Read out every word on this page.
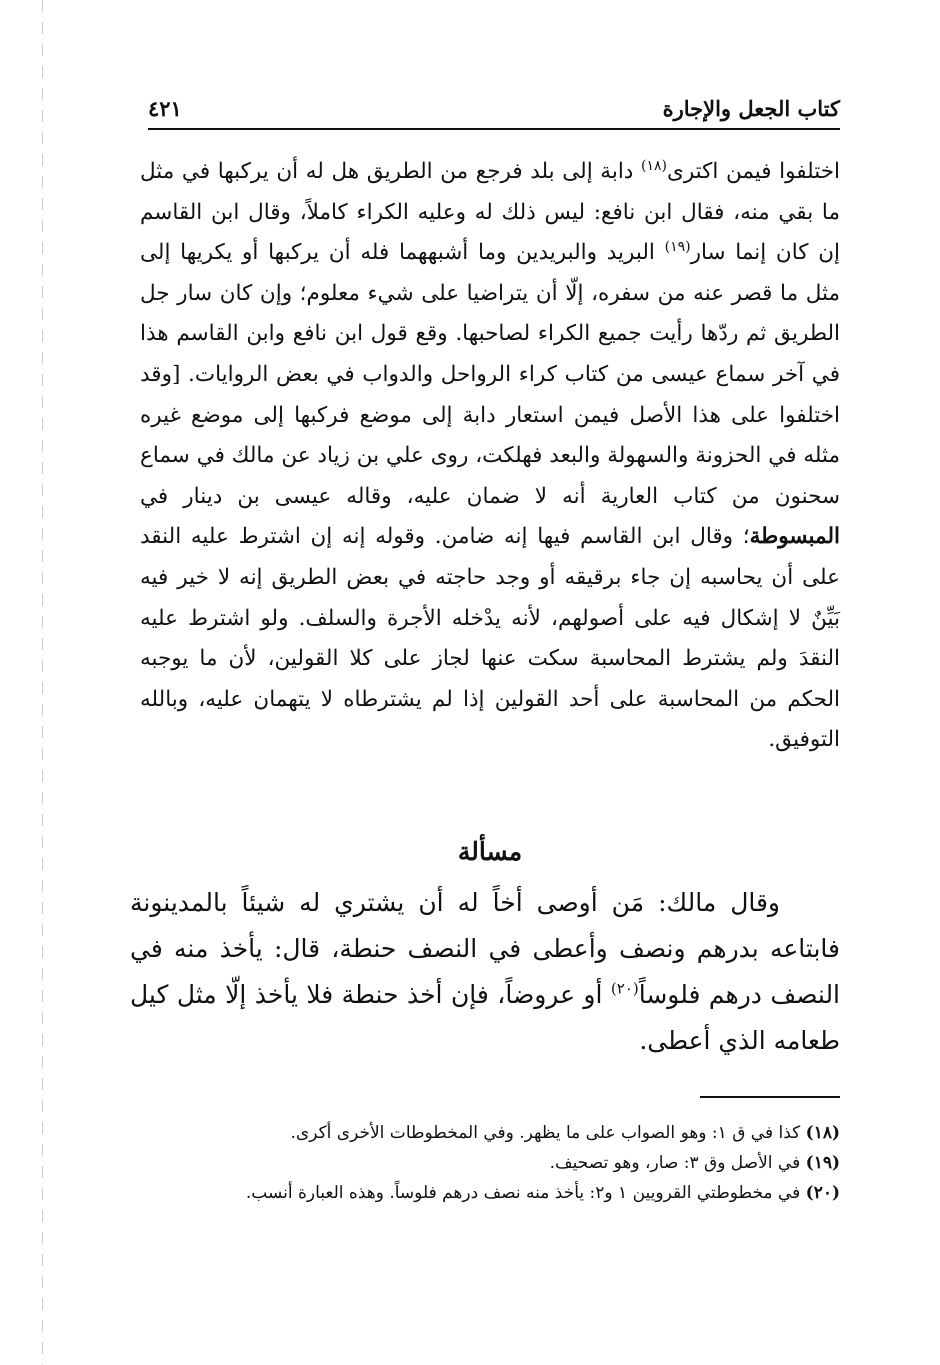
كتاب الجعل والإجارة
٤٢١

اختلفوا فيمن اكترى$^{(١٨)}$ دابة إلى بلد فرجع من الطريق هل له أن يركبها في مثل ما بقي منه، فقال ابن نافع: ليس ذلك له وعليه الكراء كاملاً، وقال ابن القاسم إن كان إنما سار$^{(١٩)}$ البريد والبريدين وما أشبههما فله أن يركبها أو يكريها إلى مثل ما قصر عنه من سفره، إلّا أن يتراضيا على شيء معلوم؛ وإن كان سار جل الطريق ثم ردّها رأيت جميع الكراء لصاحبها. وقع قول ابن نافع وابن القاسم هذا في آخر سماع عيسى من كتاب كراء الرواحل والدواب في بعض الروايات. [وقد اختلفوا على هذا الأصل فيمن استعار دابة إلى موضع فركبها إلى موضع غيره مثله في الحزونة والسهولة والبعد فهلكت، روى علي بن زياد عن مالك في سماع سحنون من كتاب العارية أنه لا ضمان عليه، وقاله عيسى بن دينار في المبسوطة؛ وقال ابن القاسم فيها إنه ضامن. وقوله إنه إن اشترط عليه النقد على أن يحاسبه إن جاء برقيقه أو وجد حاجته في بعض الطريق إنه لا خير فيه بَيِّنٌ لا إشكال فيه على أصولهم، لأنه يدْخله الأجرة والسلف. ولو اشترط عليه النقدَ ولم يشترط المحاسبة سكت عنها لجاز على كلا القولين، لأن ما يوجبه الحكم من المحاسبة على أحد القولين إذا لم يشترطاه لا يتهمان عليه، وبالله التوفيق.

مسألة

وقال مالك: مَن أوصى أخاً له أن يشتري له شيئاً بالمدينونة فابتاعه بدرهم ونصف وأعطى في النصف حنطة، قال: يأخذ منه في النصف درهم فلوساً$^{(٢٠)}$ أو عروضاً، فإن أخذ حنطة فلا يأخذ إلّا مثل كيل طعامه الذي أعطى.

(١٨) كذا في ق ١: وهو الصواب على ما يظهر. وفي المخطوطات الأخرى أكرى.

(١٩) في الأصل وق ٣: صار، وهو تصحيف.

(٢٠) في مخطوطتي القرويين ١ و٢: يأخذ منه نصف درهم فلوساً. وهذه العبارة أنسب.
